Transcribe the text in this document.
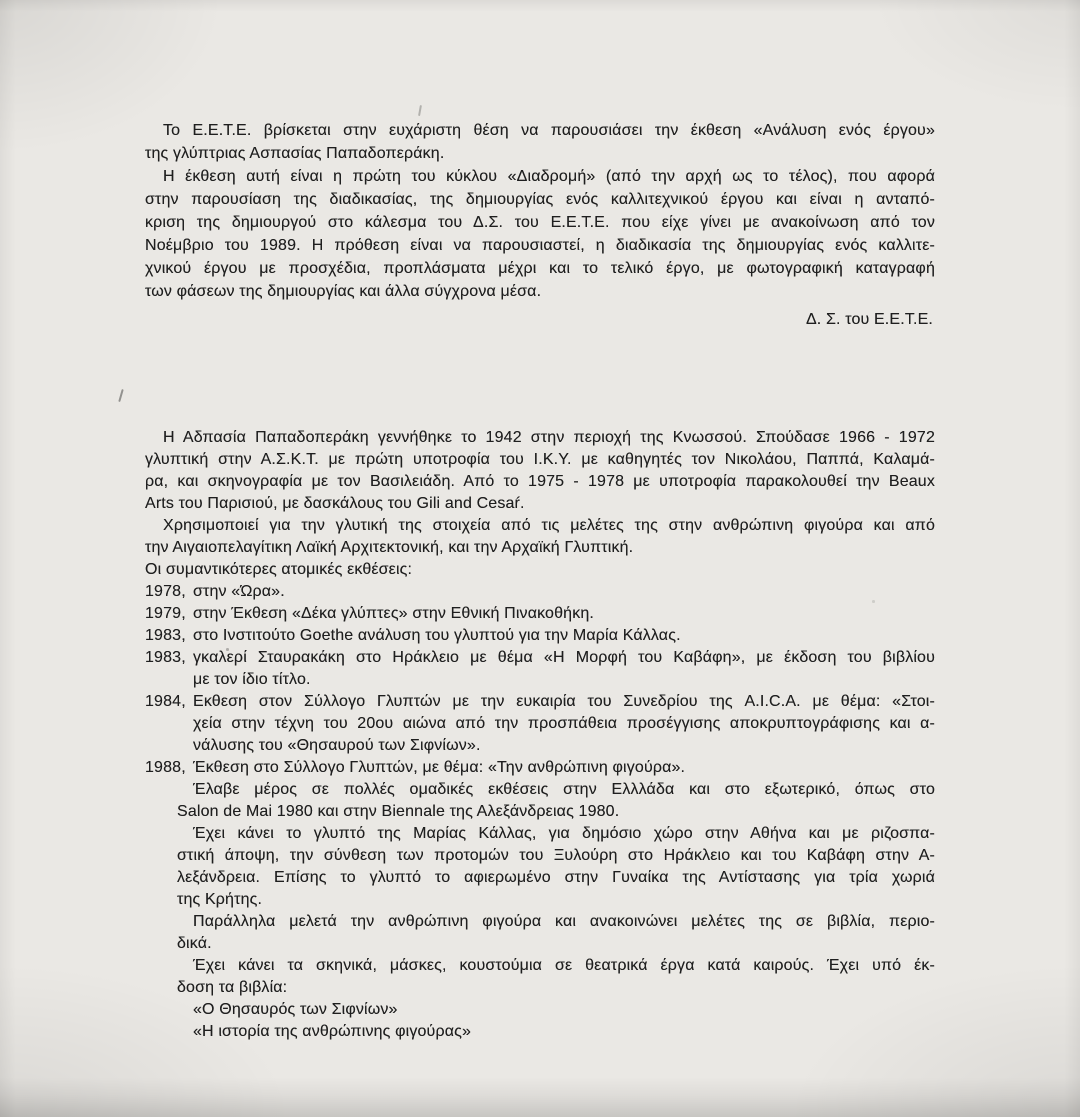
Το Ε.Ε.Τ.Ε. βρίσκεται στην ευχάριστη θέση να παρουσιάσει την έκθεση «Ανάλυση ενός έργου»
της γλύπτριας Ασπασίας Παπαδοπεράκη.
Η έκθεση αυτή είναι η πρώτη του κύκλου «Διαδρομή» (από την αρχή ως το τέλος), που αφορά
στην παρουσίαση της διαδικασίας, της δημιουργίας ενός καλλιτεχνικού έργου και είναι η ανταπό-
κριση της δημιουργού στο κάλεσμα του Δ.Σ. του Ε.Ε.Τ.Ε. που είχε γίνει με ανακοίνωση από τον
Νοέμβριο του 1989. Η πρόθεση είναι να παρουσιαστεί, η διαδικασία της δημιουργίας ενός καλλιτε-
χνικού έργου με προσχέδια, προπλάσματα μέχρι και το τελικό έργο, με φωτογραφική καταγραφή
των φάσεων της δημιουργίας και άλλα σύγχρονα μέσα.
Δ. Σ. του Ε.Ε.Τ.Ε.
Η Αδπασία Παπαδοπεράκη γεννήθηκε το 1942 στην περιοχή της Κνωσσού. Σπούδασε 1966 - 1972
γλυπτική στην Α.Σ.Κ.Τ. με πρώτη υποτροφία του Ι.Κ.Υ. με καθηγητές τον Νικολάου, Παππά, Καλαμά-
ρα, και σκηνογραφία με τον Βασιλειάδη. Από το 1975 - 1978 με υποτροφία παρακολουθεί την Beaux
Arts του Παρισιού, με δασκάλους του Gili and Cesaŕ.
Χρησιμοποιεί για την γλυτική της στοιχεία από τις μελέτες της στην ανθρώπινη φιγούρα και από
την Αιγαιοπελαγίτικη Λαϊκή Αρχιτεκτονική, και την Αρχαϊκή Γλυπτική.
Οι συμαντικότερες ατομικές εκθέσεις:
1978, στην «Ώρα».
1979, στην Έκθεση «Δέκα γλύπτες» στην Εθνική Πινακοθήκη.
1983, στο Ινστιτούτο Goethe ανάλυση του γλυπτού για την Μαρία Κάλλας.
1983, γκαλερί Σταυρακάκη στο Ηράκλειο με θέμα «Η Μορφή του Καβάφη», με έκδοση του βιβλίου
με τον ίδιο τίτλο.
1984, Εκθεση στον Σύλλογο Γλυπτών με την ευκαιρία του Συνεδρίου της A.I.C.A. με θέμα: «Στοι-
χεία στην τέχνη του 20ου αιώνα από την προσπάθεια προσέγγισης αποκρυπτογράφισης και α-
νάλυσης του «Θησαυρού των Σιφνίων».
1988, Έκθεση στο Σύλλογο Γλυπτών, με θέμα: «Την ανθρώπινη φιγούρα».
Έλαβε μέρος σε πολλές ομαδικές εκθέσεις στην Ελλλάδα και στο εξωτερικό, όπως στο
Salon de Mai 1980 και στην Biennale της Αλεξάνδρειας 1980.
Έχει κάνει το γλυπτό της Μαρίας Κάλλας, για δημόσιο χώρο στην Αθήνα και με ριζοσπα-
στική άποψη, την σύνθεση των προτομών του Ξυλούρη στο Ηράκλειο και του Καβάφη στην Α-
λεξάνδρεια. Επίσης το γλυπτό το αφιερωμένο στην Γυναίκα της Αντίστασης για τρία χωριά
της Κρήτης.
Παράλληλα μελετά την ανθρώπινη φιγούρα και ανακοινώνει μελέτες της σε βιβλία, περιο-
δικά.
Έχει κάνει τα σκηνικά, μάσκες, κουστούμια σε θεατρικά έργα κατά καιρούς. Έχει υπό έκ-
δοση τα βιβλία:
«Ο Θησαυρός των Σιφνίων»
«Η ιστορία της ανθρώπινης φιγούρας»
